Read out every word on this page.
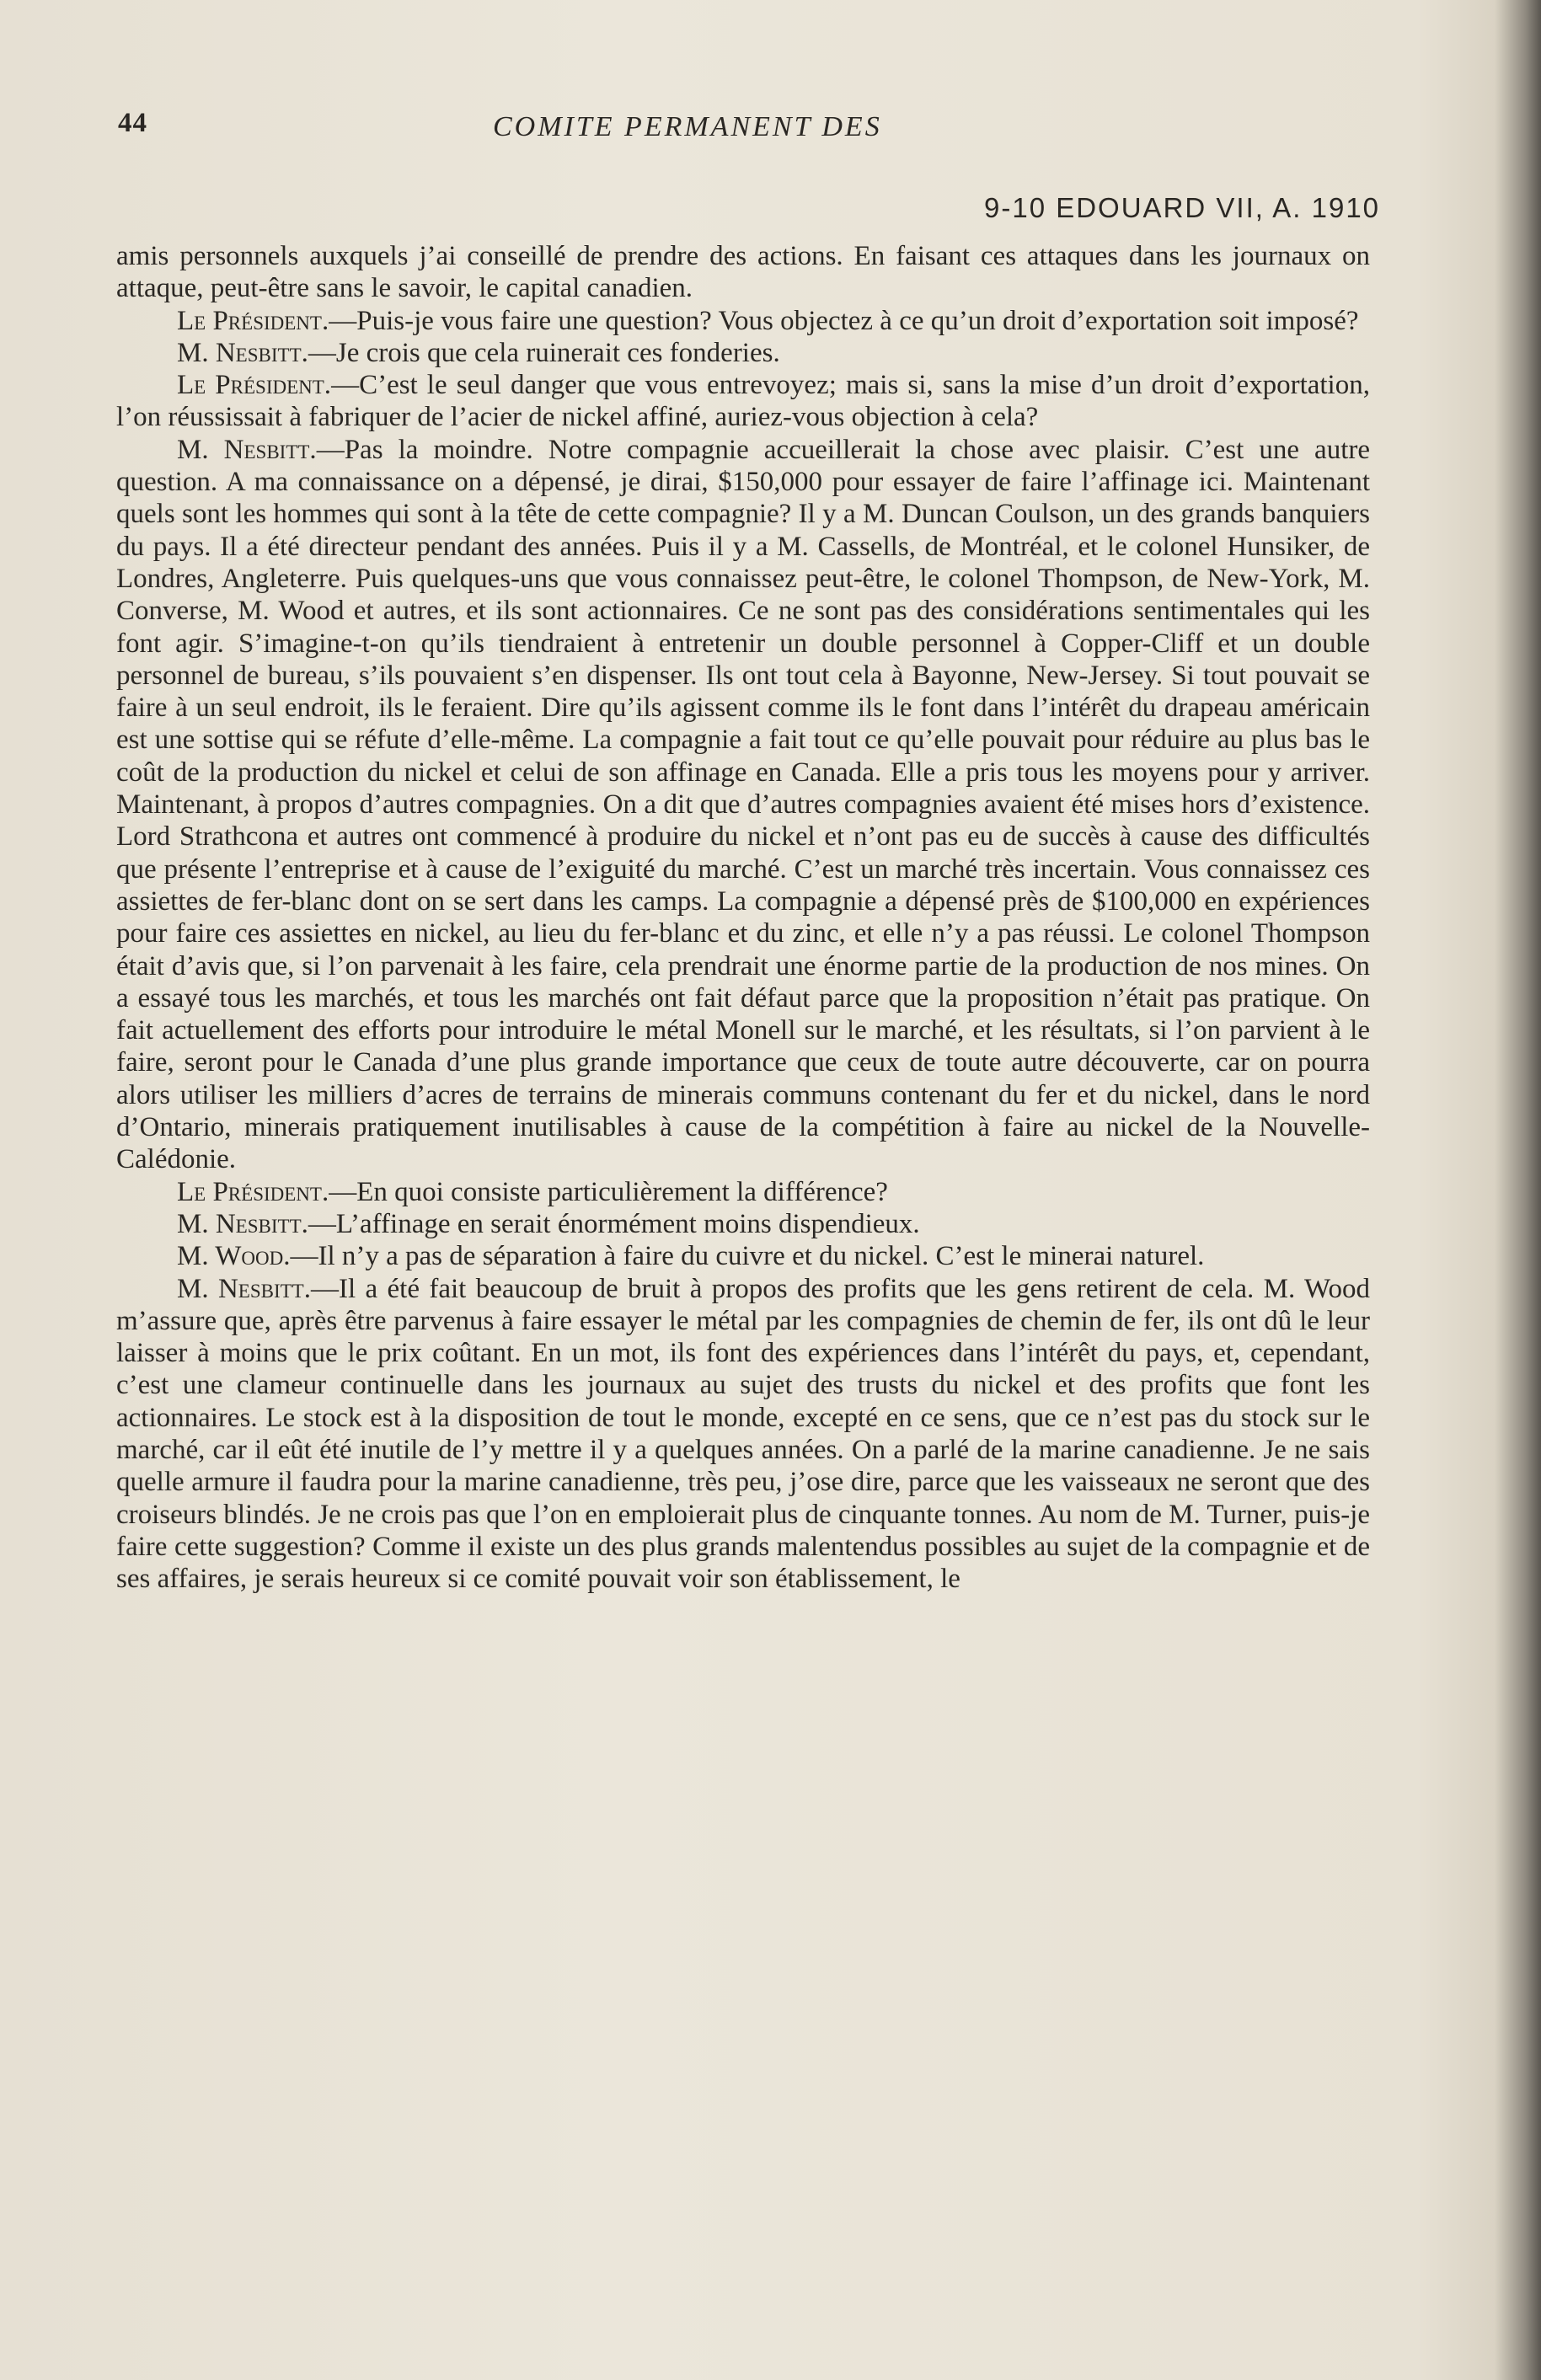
44	COMITE PERMANENT DES
9-10 EDOUARD VII, A. 1910

amis personnels auxquels j’ai conseillé de prendre des actions. En faisant ces attaques dans les journaux on attaque, peut-être sans le savoir, le capital canadien.

Le Président.—Puis-je vous faire une question? Vous objectez à ce qu’un droit d’exportation soit imposé?

M. Nesbitt.—Je crois que cela ruinerait ces fonderies.

Le Président.—C’est le seul danger que vous entrevoyez; mais si, sans la mise d’un droit d’exportation, l’on réussissait à fabriquer de l’acier de nickel affiné, auriez-vous objection à cela?

M. Nesbitt.—Pas la moindre. Notre compagnie accueillerait la chose avec plaisir. C’est une autre question. A ma connaissance on a dépensé, je dirai, $150,000 pour essayer de faire l’affinage ici. Maintenant quels sont les hommes qui sont à la tête de cette compagnie? Il y a M. Duncan Coulson, un des grands banquiers du pays. Il a été directeur pendant des années. Puis il y a M. Cassells, de Montréal, et le colonel Hunsiker, de Londres, Angleterre. Puis quelques-uns que vous connaissez peut-être, le colonel Thompson, de New-York, M. Converse, M. Wood et autres, et ils sont actionnaires. Ce ne sont pas des considérations sentimentales qui les font agir. S’imagine-t-on qu’ils tiendraient à entretenir un double personnel à Copper-Cliff et un double personnel de bureau, s’ils pouvaient s’en dispenser. Ils ont tout cela à Bayonne, New-Jersey. Si tout pouvait se faire à un seul endroit, ils le feraient. Dire qu’ils agissent comme ils le font dans l’intérêt du drapeau américain est une sottise qui se réfute d’elle-même. La compagnie a fait tout ce qu’elle pouvait pour réduire au plus bas le coût de la production du nickel et celui de son affinage en Canada. Elle a pris tous les moyens pour y arriver. Maintenant, à propos d’autres compagnies. On a dit que d’autres compagnies avaient été mises hors d’existence. Lord Strathcona et autres ont commencé à produire du nickel et n’ont pas eu de succès à cause des difficultés que présente l’entreprise et à cause de l’exiguité du marché. C’est un marché très incertain. Vous connaissez ces assiettes de fer-blanc dont on se sert dans les camps. La compagnie a dépensé près de $100,000 en expériences pour faire ces assiettes en nickel, au lieu du fer-blanc et du zinc, et elle n’y a pas réussi. Le colonel Thompson était d’avis que, si l’on parvenait à les faire, cela prendrait une énorme partie de la production de nos mines. On a essayé tous les marchés, et tous les marchés ont fait défaut parce que la proposition n’était pas pratique. On fait actuellement des efforts pour introduire le métal Monell sur le marché, et les résultats, si l’on parvient à le faire, seront pour le Canada d’une plus grande importance que ceux de toute autre découverte, car on pourra alors utiliser les milliers d’acres de terrains de minerais communs contenant du fer et du nickel, dans le nord d’Ontario, minerais pratiquement inutilisables à cause de la compétition à faire au nickel de la Nouvelle-Calédonie.

Le Président.—En quoi consiste particulièrement la différence?

M. Nesbitt.—L’affinage en serait énormément moins dispendieux.

M. Wood.—Il n’y a pas de séparation à faire du cuivre et du nickel. C’est le minerai naturel.

M. Nesbitt.—Il a été fait beaucoup de bruit à propos des profits que les gens retirent de cela. M. Wood m’assure que, après être parvenus à faire essayer le métal par les compagnies de chemin de fer, ils ont dû le leur laisser à moins que le prix coûtant. En un mot, ils font des expériences dans l’intérêt du pays, et, cependant, c’est une clameur continuelle dans les journaux au sujet des trusts du nickel et des profits que font les actionnaires. Le stock est à la disposition de tout le monde, excepté en ce sens, que ce n’est pas du stock sur le marché, car il eût été inutile de l’y mettre il y a quelques années. On a parlé de la marine canadienne. Je ne sais quelle armure il faudra pour la marine canadienne, très peu, j’ose dire, parce que les vaisseaux ne seront que des croiseurs blindés. Je ne crois pas que l’on en emploierait plus de cinquante tonnes. Au nom de M. Turner, puis-je faire cette suggestion? Comme il existe un des plus grands malentendus possibles au sujet de la compagnie et de ses affaires, je serais heureux si ce comité pouvait voir son établissement, le
